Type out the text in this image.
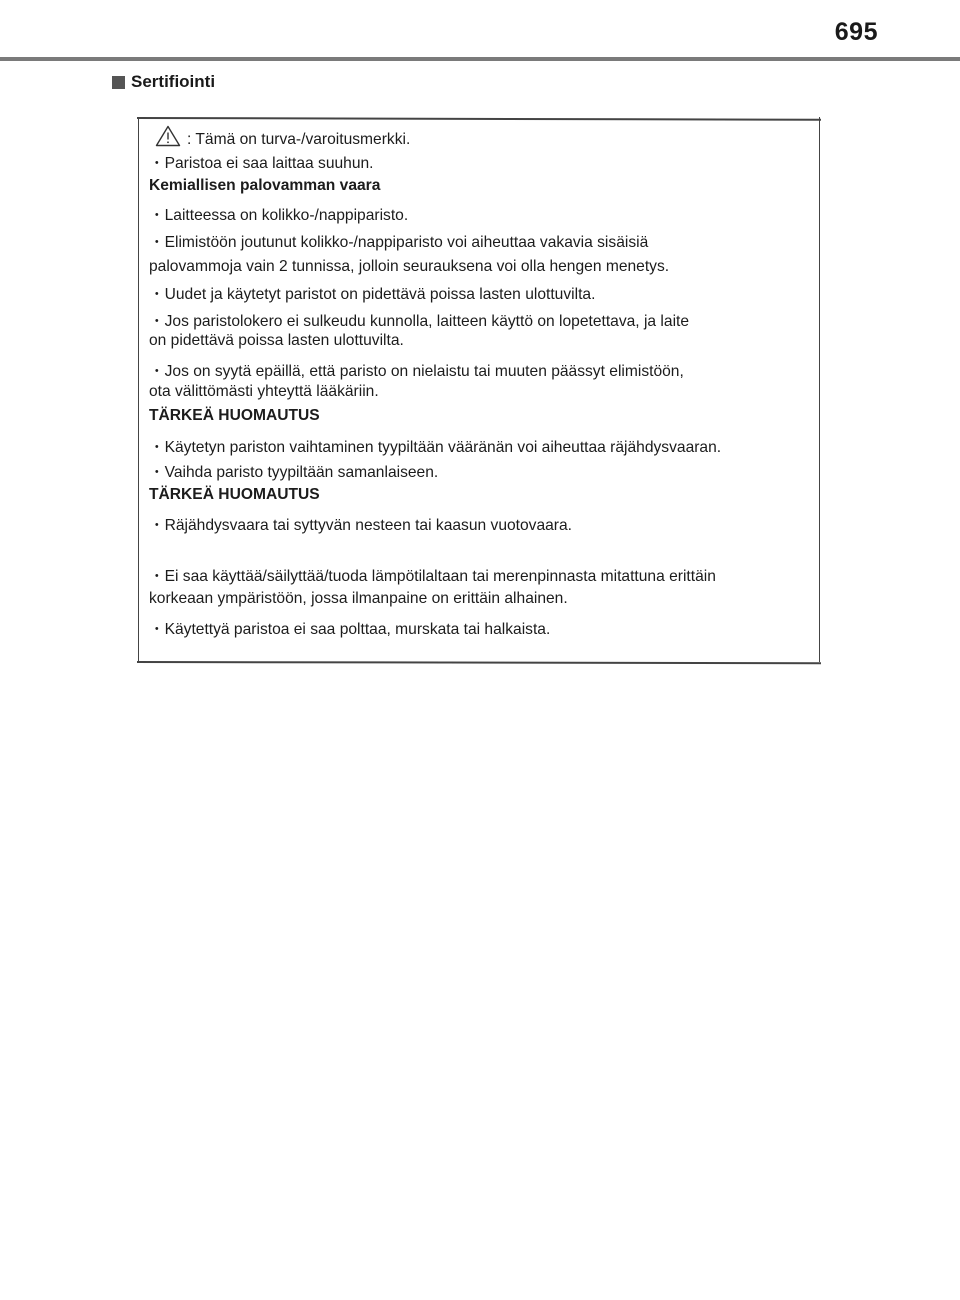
695
Sertifiointi
: Tämä on turva-/varoitusmerkki.
・Paristoa ei saa laittaa suuhun.
Kemiallisen palovamman vaara
・Laitteessa on kolikko-/nappiparisto.
・Elimistöön joutunut kolikko-/nappiparisto voi aiheuttaa vakavia sisäisiä
palovammoja vain 2 tunnissa, jolloin seurauksena voi olla hengen menetys.
・Uudet ja käytetyt paristot on pidettävä poissa lasten ulottuvilta.
・Jos paristolokero ei sulkeudu kunnolla, laitteen käyttö on lopetettava, ja laite
on pidettävä poissa lasten ulottuvilta.
・Jos on syytä epäillä, että paristo on nielaistu tai muuten päässyt elimistöön,
ota välittömästi yhteyttä lääkäriin.
TÄRKEÄ HUOMAUTUS
・Käytetyn pariston vaihtaminen tyypiltään vääränän voi aiheuttaa räjähdysvaaran.
・Vaihda paristo tyypiltään samanlaiseen.
TÄRKEÄ HUOMAUTUS
・Räjähdysvaara tai syttyvän nesteen tai kaasun vuotovaara.
・Ei saa käyttää/säilyttää/tuoda lämpötilaltaan tai merenpinnasta mitattuna erittäin
korkeaan ympäristöön, jossa ilmanpaine on erittäin alhainen.
・Käytettyä paristoa ei saa polttaa, murskata tai halkaista.
